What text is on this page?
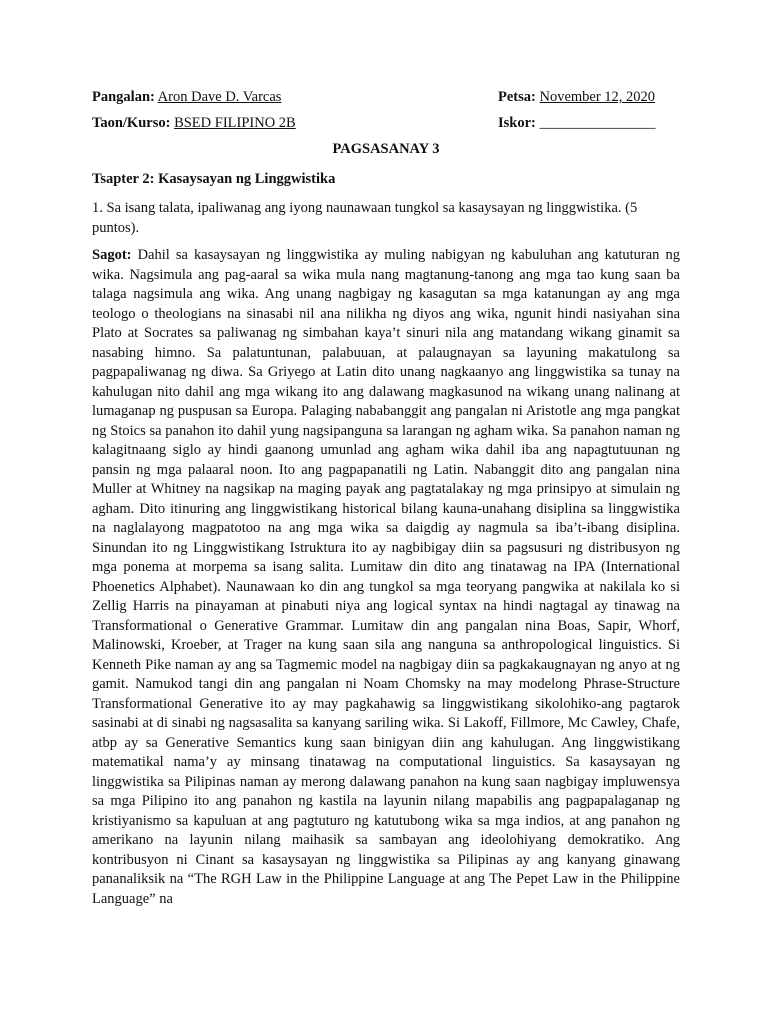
Pangalan: Aron Dave D. Varcas	Petsa: November 12, 2020
Taon/Kurso: BSED FILIPINO 2B	Iskor: ________________
PAGSASANAY 3
Tsapter 2: Kasaysayan ng Linggwistika
1. Sa isang talata, ipaliwanag ang iyong naunawaan tungkol sa kasaysayan ng linggwistika. (5 puntos).
Sagot: Dahil sa kasaysayan ng linggwistika ay muling nabigyan ng kabuluhan ang katuturan ng wika. Nagsimula ang pag-aaral sa wika mula nang magtanung-tanong ang mga tao kung saan ba talaga nagsimula ang wika. Ang unang nagbigay ng kasagutan sa mga katanungan ay ang mga teologo o theologians na sinasabi nil ana nilikha ng diyos ang wika, ngunit hindi nasiyahan sina Plato at Socrates sa paliwanag ng simbahan kaya’t sinuri nila ang matandang wikang ginamit sa nasabing himno. Sa palatuntunan, palabuuan, at palaugnayan sa layuning makatulong sa pagpapaliwanag ng diwa. Sa Griyego at Latin dito unang nagkaanyo ang linggwistika sa tunay na kahulugan nito dahil ang mga wikang ito ang dalawang magkasunod na wikang unang nalinang at lumaganap ng puspusan sa Europa. Palaging nababanggit ang pangalan ni Aristotle ang mga pangkat ng Stoics sa panahon ito dahil yung nagsipanguna sa larangan ng agham wika. Sa panahon naman ng kalagitnaang siglo ay hindi gaanong umunlad ang agham wika dahil iba ang napagtutuunan ng pansin ng mga palaaral noon. Ito ang pagpapanatili ng Latin. Nabanggit dito ang pangalan nina Muller at Whitney na nagsikap na maging payak ang pagtatalakay ng mga prinsipyo at simulain ng agham. Dito itinuring ang linggwistikang historical bilang kauna-unahang disiplina sa linggwistika na naglalayong magpatotoo na ang mga wika sa daigdig ay nagmula sa iba’t-ibang disiplina. Sinundan ito ng Linggwistikang Istruktura ito ay nagbibigay diin sa pagsusuri ng distribusyon ng mga ponema at morpema sa isang salita. Lumitaw din dito ang tinatawag na IPA (International Phoenetics Alphabet). Naunawaan ko din ang tungkol sa mga teoryang pangwika at nakilala ko si Zellig Harris na pinayaman at pinabuti niya ang logical syntax na hindi nagtagal ay tinawag na Transformational o Generative Grammar. Lumitaw din ang pangalan nina Boas, Sapir, Whorf, Malinowski, Kroeber, at Trager na kung saan sila ang nanguna sa anthropological linguistics. Si Kenneth Pike naman ay ang sa Tagmemic model na nagbigay diin sa pagkakaugnayan ng anyo at ng gamit. Namukod tangi din ang pangalan ni Noam Chomsky na may modelong Phrase-Structure Transformational Generative ito ay may pagkahawig sa linggwistikang sikolohiko-ang pagtarok sasinabi at di sinabi ng nagsasalita sa kanyang sariling wika. Si Lakoff, Fillmore, Mc Cawley, Chafe, atbp ay sa Generative Semantics kung saan binigyan diin ang kahulugan. Ang linggwistikang matematikal nama’y ay minsang tinatawag na computational linguistics. Sa kasaysayan ng linggwistika sa Pilipinas naman ay merong dalawang panahon na kung saan nagbigay impluwensya sa mga Pilipino ito ang panahon ng kastila na layunin nilang mapabilis ang pagpapalaganap ng kristiyanismo sa kapuluan at ang pagtuturo ng katutubong wika sa mga indios, at ang panahon ng amerikano na layunin nilang maihasik sa sambayan ang ideolohiyang demokratiko. Ang kontribusyon ni Cinant sa kasaysayan ng linggwistika sa Pilipinas ay ang kanyang ginawang pananaliksik na “The RGH Law in the Philippine Language at ang The Pepet Law in the Philippine Language” na
